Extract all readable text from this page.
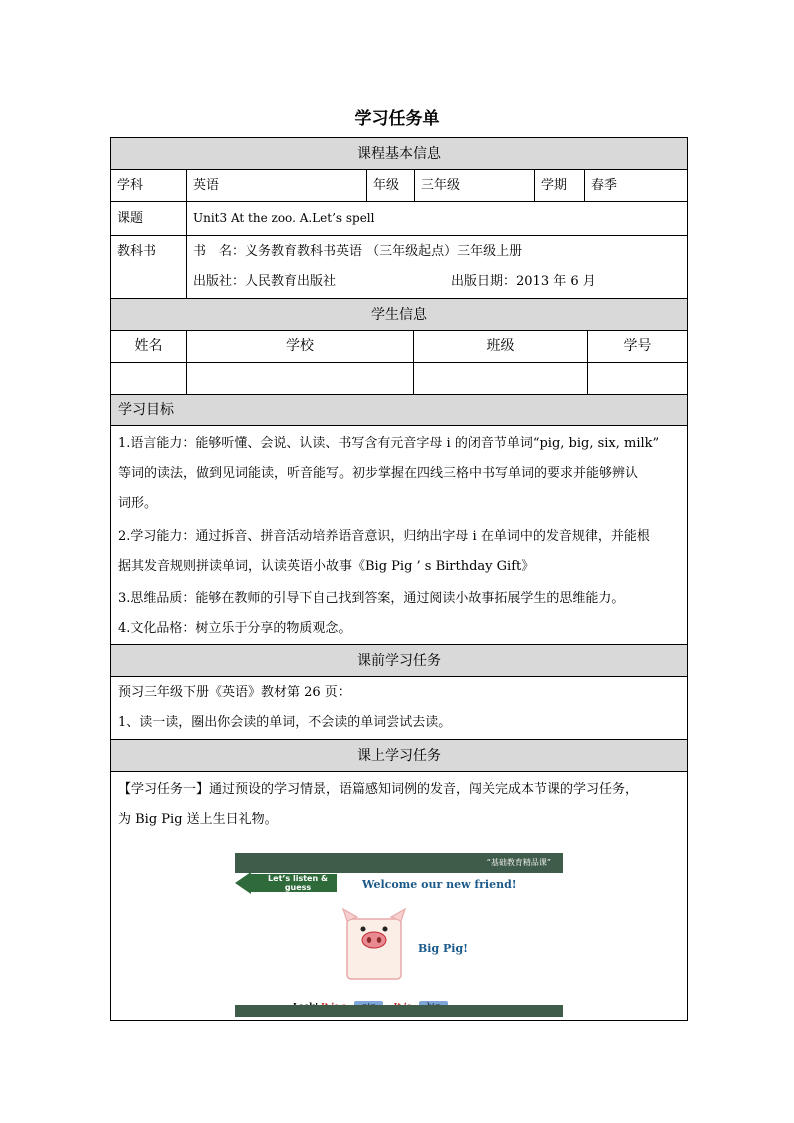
学习任务单
课程基本信息
学科	英语	年级	三年级	学期	春季
课题	Unit3 At the zoo. A.Let’s spell
教科书	书　名：义务教育教科书英语 （三年级起点）三年级上册
出版社：人民教育出版社	出版日期：2013 年 6 月
学生信息
姓名	学校	班级	学号
学习目标
1.语言能力：能够听懂、会说、认读、书写含有元音字母 i 的闭音节单词“pig, big, six, milk”
等词的读法，做到见词能读，听音能写。初步掌握在四线三格中书写单词的要求并能够辨认
词形。
2.学习能力：通过拆音、拼音活动培养语音意识，归纳出字母 i 在单词中的发音规律，并能根
据其发音规则拼读单词，认读英语小故事《Big Pig ’ s Birthday Gift》
3.思维品质：能够在教师的引导下自己找到答案，通过阅读小故事拓展学生的思维能力。
4.文化品格：树立乐于分享的物质观念。
课前学习任务
预习三年级下册《英语》教材第 26 页：
1、读一读，圈出你会读的单词，不会读的单词尝试去读。
课上学习任务
【学习任务一】通过预设的学习情景，语篇感知词例的发音，闯关完成本节课的学习任务，
为 Big Pig 送上生日礼物。
“基础教育精品课”
Let’s listen & guess	Welcome our new friend!
Big Pig!
